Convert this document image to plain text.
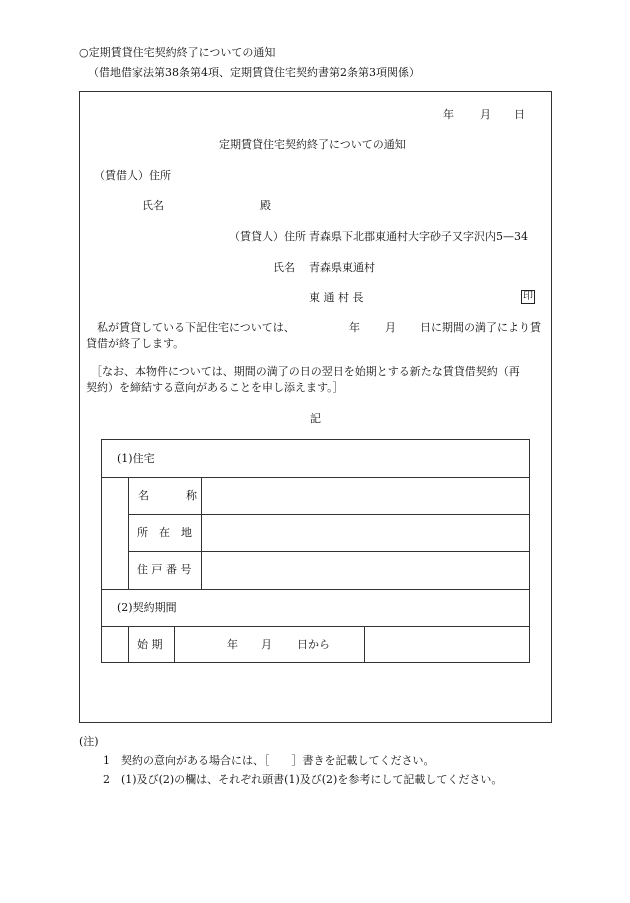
○定期賃貸住宅契約終了についての通知
（借地借家法第38条第4項、定期賃貸住宅契約書第2条第3項関係）
年 月 日
定期賃貸住宅契約終了についての通知
（賃借人）住所
氏名	殿
（賃貸人）住所 青森県下北郡東通村大字砂子又字沢内5—34
氏名 青森県東通村
東 通 村 長	印
私が賃貸している下記住宅については、	年 月 日に期間の満了により賃
貸借が終了します。
［なお、本物件については、期間の満了の日の翌日を始期とする新たな賃貸借契約（再
契約）を締結する意向があることを申し添えます。］
記
(1)住宅
名	称
所　在　地
住 戸 番 号
(2)契約期間
始 期	年 月 日から
(注)
1　契約の意向がある場合には、［　　］書きを記載してください。
2　(1)及び(2)の欄は、それぞれ頭書(1)及び(2)を参考にして記載してください。
